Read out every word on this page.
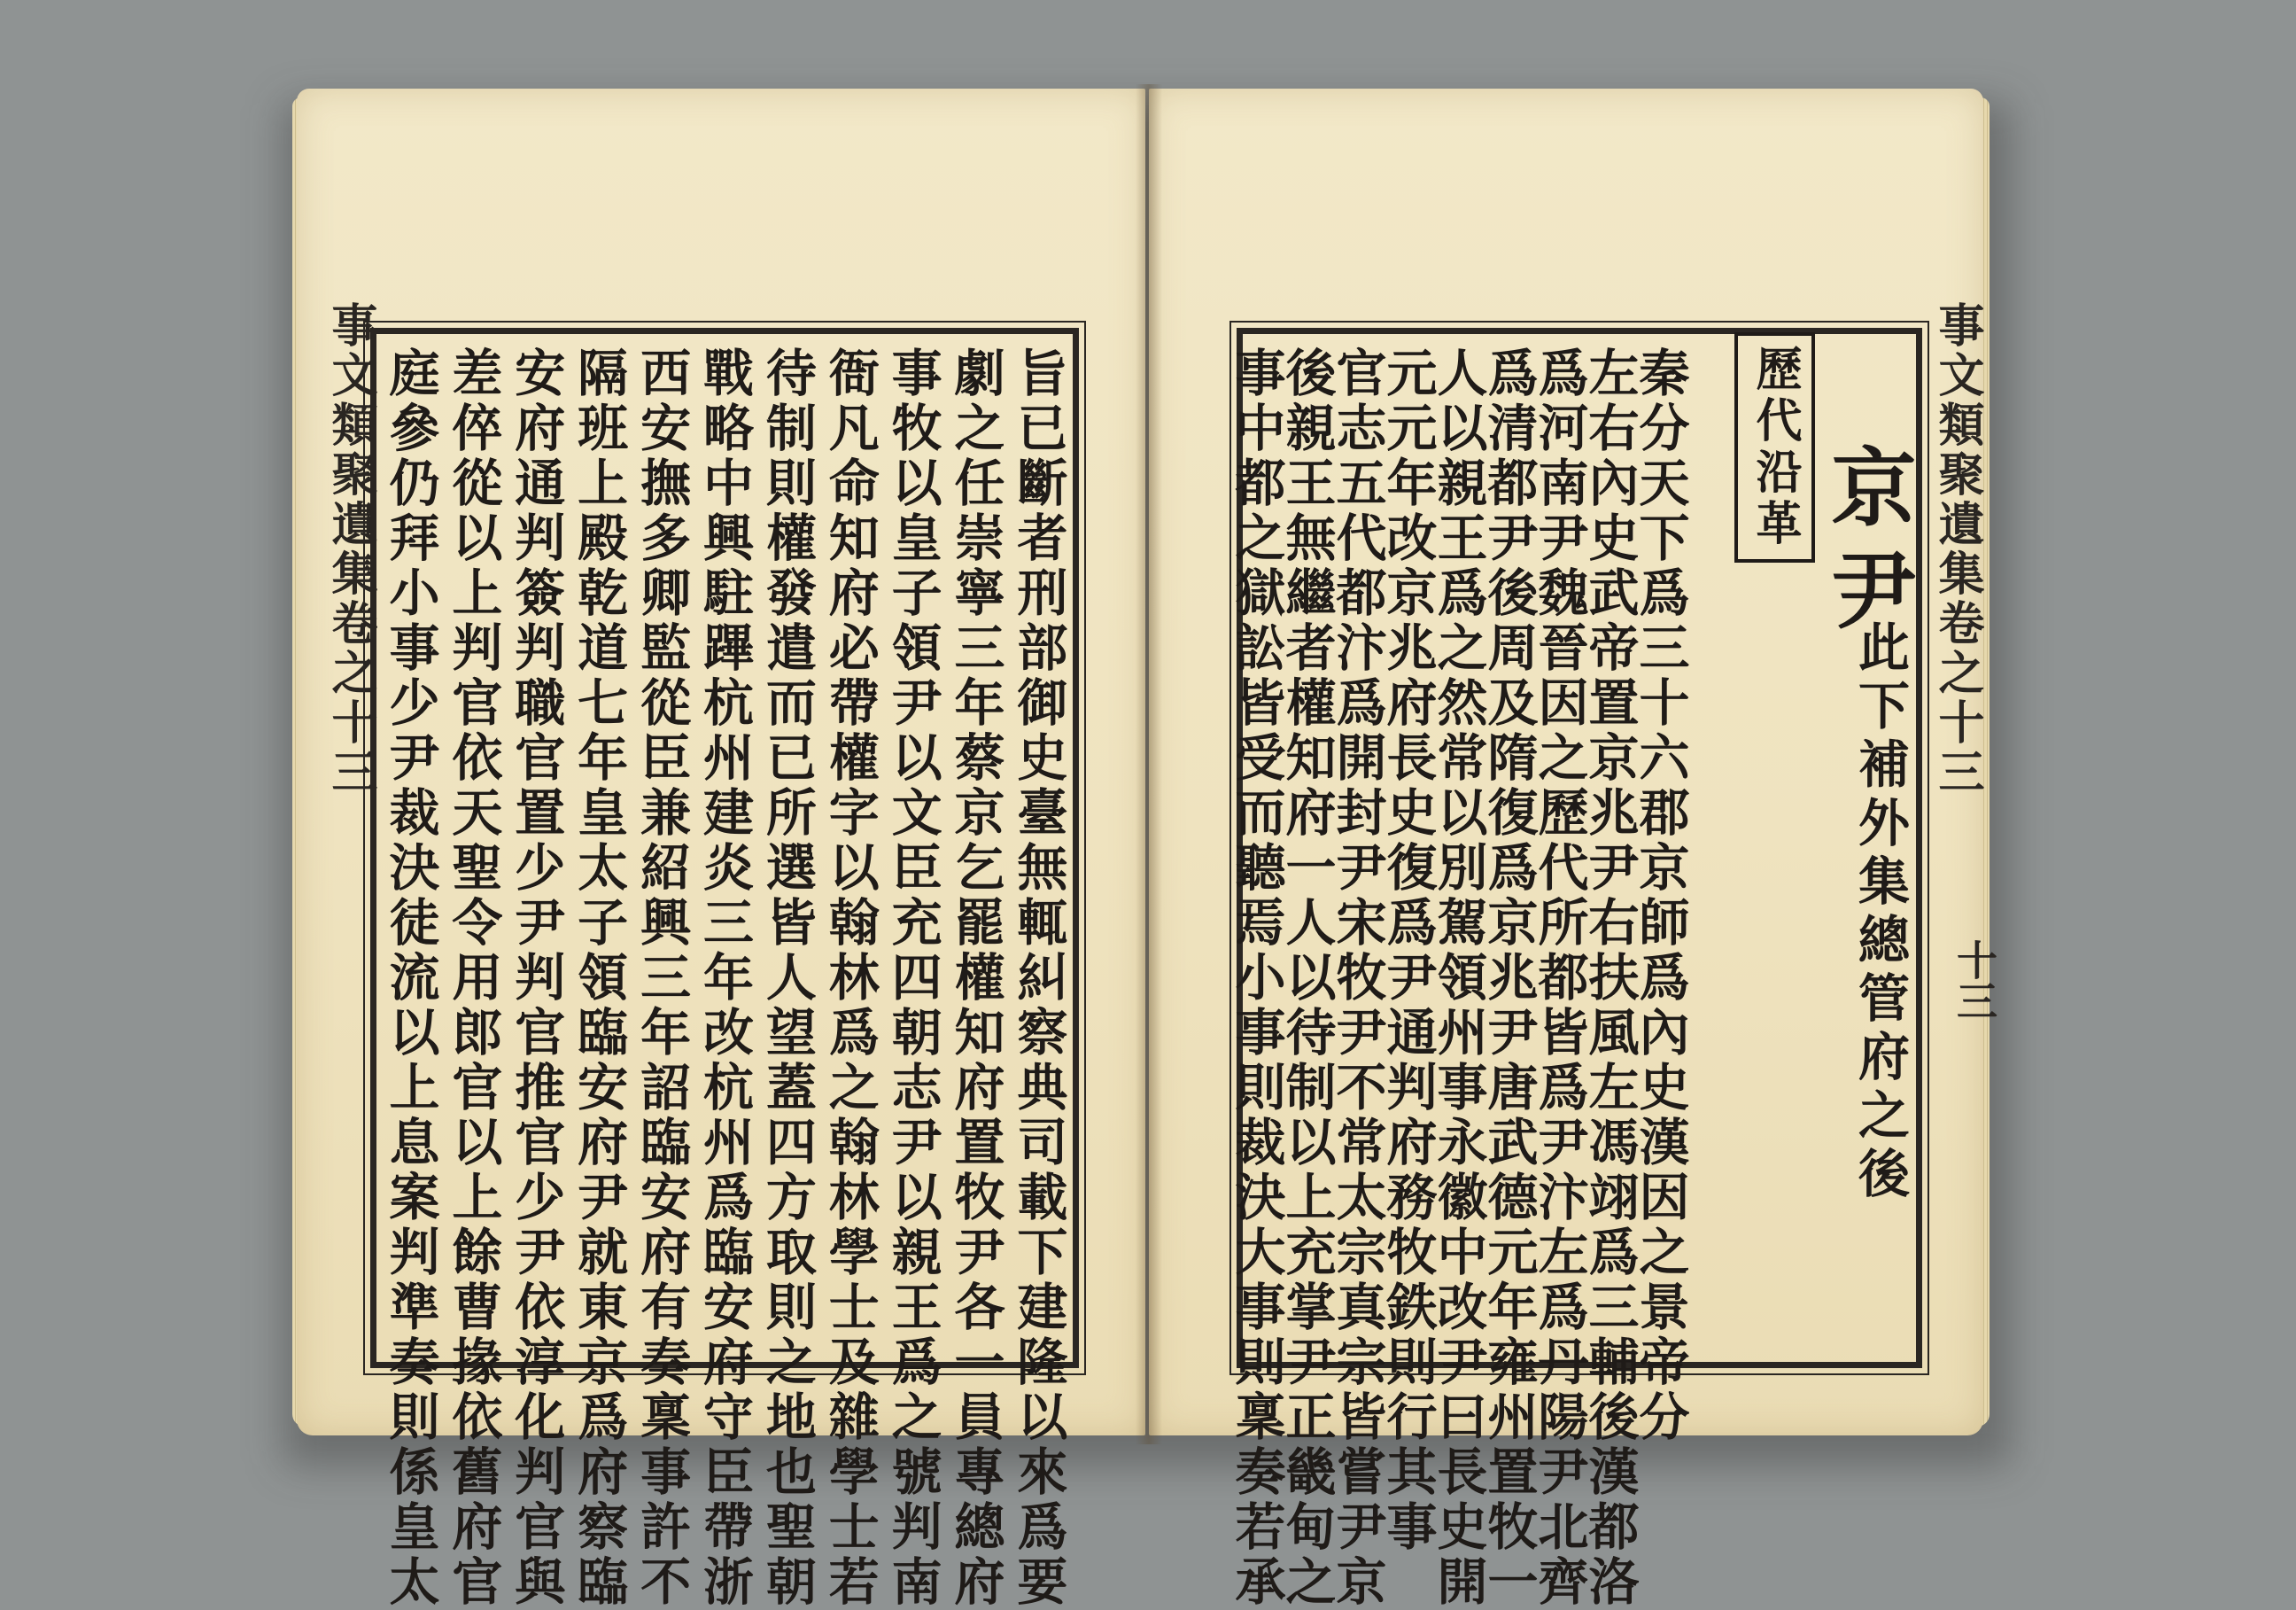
事文類聚遺集卷之十三	事文類聚遺集卷之十三
十三
旨已斷者刑部御史臺無輒糾察典司載下建隆以來爲要
劇之任崇寧三年蔡京乞罷權知府置牧尹各一員專總府
事牧以皇子領尹以文臣充四朝志尹以親王爲之號判南
衙凡命知府必帶權字以翰林爲之翰林學士及雜學士若
待制則權發遣而已所選皆人望蓋四方取則之地也聖朝
戰略中興駐蹕杭州建炎三年改杭州爲臨安府守臣帶浙
西安撫多卿監從臣兼紹興三年詔臨安府有奏稟事許不
隔班上殿乾道七年皇太子領臨安府尹就東京爲府察臨
安府通判簽判職官置少尹判官推官少尹依淳化判官與
差倅從以上判官依天聖令用郎官以上餘曹掾依舊府官
庭參仍拜小事少尹裁決徒流以上息案判準奏則係皇太	秦分天下爲三十六郡京師爲內史漢因之景帝分
左右內史武帝置京兆尹右扶風左馮翊爲三輔後漢都洛
爲河南尹魏晉因之歷代所都皆爲尹汴左爲丹陽尹北齊
爲清都尹後周及隋復爲京兆尹唐武德元年雍州置牧一
人以親王爲之然常以別駕領州事永徽中改尹曰長史開
元元年改京兆府長史復爲尹通判府務牧鉄則行其事
官志五代都汴爲開封尹宋牧尹不常太宗真宗皆嘗尹京
後親王無繼者權知府一人以待制以上充掌尹正畿甸之
事中都之獄訟皆受而聽焉小事則裁決大事則稟奏若承	京尹
此下補外集總管府之後
歷代沿革
